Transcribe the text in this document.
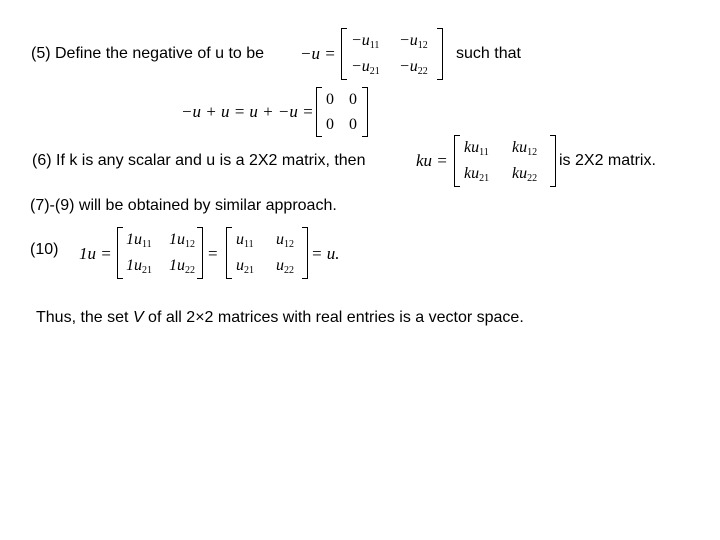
(5) Define the negative of u to be −u =
$-u_{11} -u_{12}$
$-u_{21} -u_{22}$
such that
−u + u = u + −u =
0 0
0 0
(6) If k is any scalar and u is a 2X2 matrix, then	ku =
$ku_{11}$ $ku_{12}$
$ku_{21}$ $ku_{22}$
is 2X2 matrix.
(7)-(9) will be obtained by similar approach.
(10) 1u =
$1u_{11}$ $1u_{12}$
$1u_{21}$ $1u_{22}$
=
$u_{11}$ $u_{12}$
$u_{21}$ $u_{22}$
= u.
Thus, the set V of all 2×2 matrices with real entries is a vector space.
